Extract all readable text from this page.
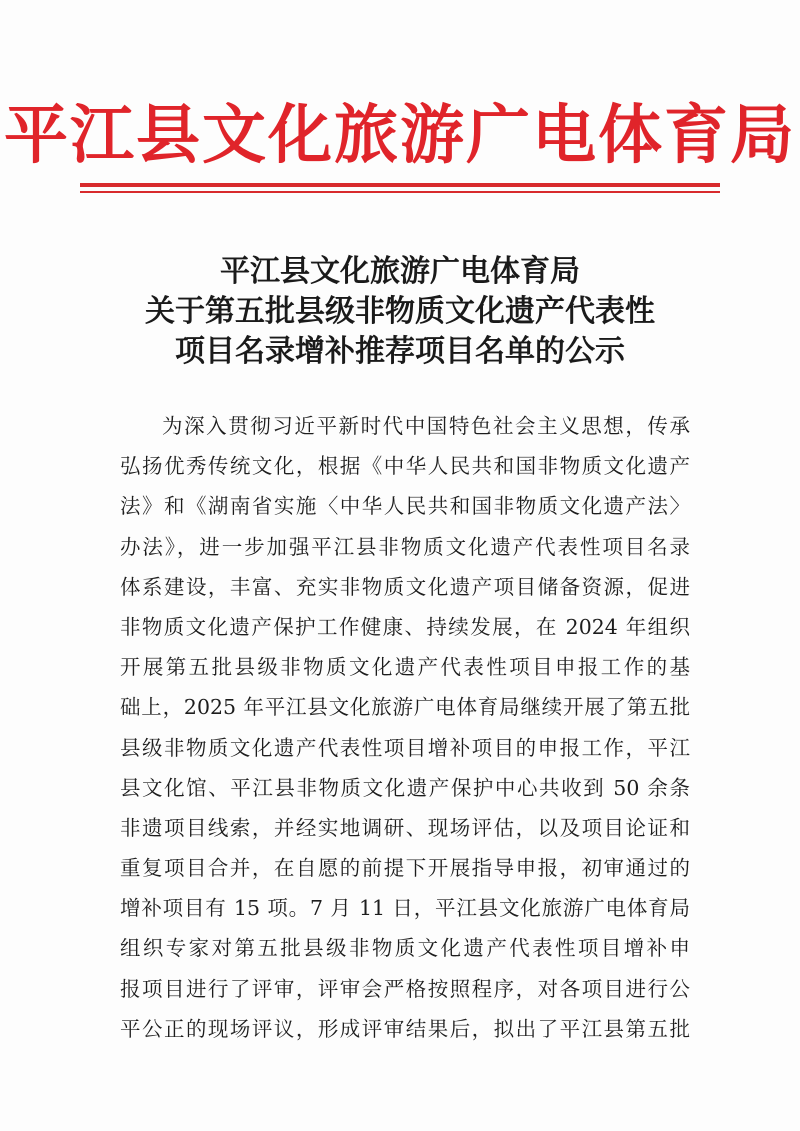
平江县文化旅游广电体育局
平江县文化旅游广电体育局
关于第五批县级非物质文化遗产代表性
项目名录增补推荐项目名单的公示
为深入贯彻习近平新时代中国特色社会主义思想，传承
弘扬优秀传统文化，根据《中华人民共和国非物质文化遗产
法》和《湖南省实施〈中华人民共和国非物质文化遗产法〉
办法》，进一步加强平江县非物质文化遗产代表性项目名录
体系建设，丰富、充实非物质文化遗产项目储备资源，促进
非物质文化遗产保护工作健康、持续发展，在 2024 年组织
开展第五批县级非物质文化遗产代表性项目申报工作的基
础上，2025 年平江县文化旅游广电体育局继续开展了第五批
县级非物质文化遗产代表性项目增补项目的申报工作，平江
县文化馆、平江县非物质文化遗产保护中心共收到 50 余条
非遗项目线索，并经实地调研、现场评估，以及项目论证和
重复项目合并，在自愿的前提下开展指导申报，初审通过的
增补项目有 15 项。7 月 11 日，平江县文化旅游广电体育局
组织专家对第五批县级非物质文化遗产代表性项目增补申
报项目进行了评审，评审会严格按照程序，对各项目进行公
平公正的现场评议，形成评审结果后，拟出了平江县第五批
